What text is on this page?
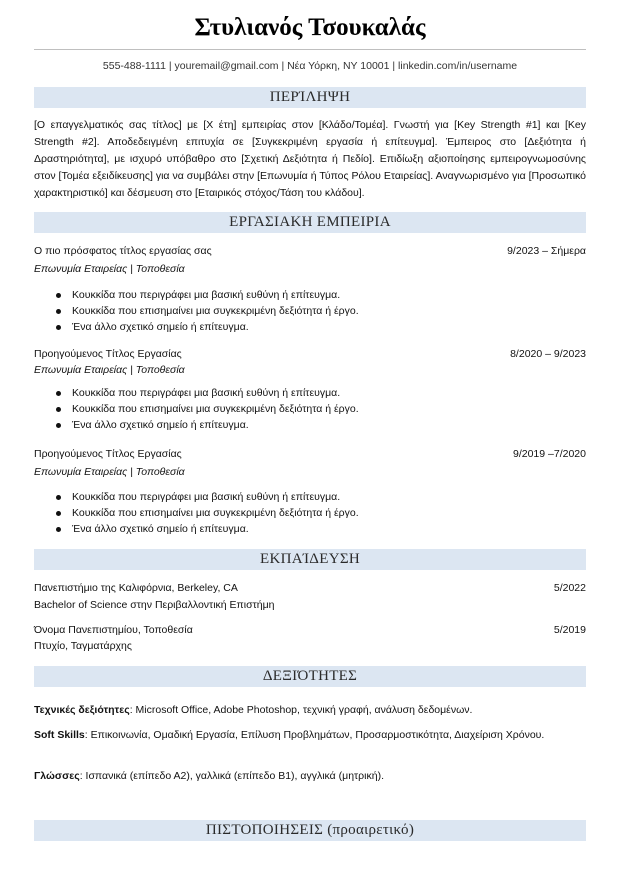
Στυλιανός Τσουκαλάς
555-488-1111 | youremail@gmail.com | Νέα Υόρκη, NY 10001 | linkedin.com/in/username
ΠΕΡΊΛΗΨΗ
[Ο επαγγελματικός σας τίτλος] με [Χ έτη] εμπειρίας στον [Κλάδο/Τομέα]. Γνωστή για [Key Strength #1] και [Key Strength #2]. Αποδεδειγμένη επιτυχία σε [Συγκεκριμένη εργασία ή επίτευγμα]. Έμπειρος στο [Δεξιότητα ή Δραστηριότητα], με ισχυρό υπόβαθρο στο [Σχετική Δεξιότητα ή Πεδίο]. Επιδίωξη αξιοποίησης εμπειρογνωμοσύνης στον [Τομέα εξειδίκευσης] για να συμβάλει στην [Επωνυμία ή Τύπος Ρόλου Εταιρείας]. Αναγνωρισμένο για [Προσωπικό χαρακτηριστικό] και δέσμευση στο [Εταιρικός στόχος/Τάση του κλάδου].
ΕΡΓΑΣΙΑΚΗ ΕΜΠΕΙΡΙΑ
Ο πιο πρόσφατος τίτλος εργασίας σας	9/2023 – Σήμερα
Επωνυμία Εταιρείας | Τοποθεσία
Κουκκίδα που περιγράφει μια βασική ευθύνη ή επίτευγμα.
Κουκκίδα που επισημαίνει μια συγκεκριμένη δεξιότητα ή έργο.
Ένα άλλο σχετικό σημείο ή επίτευγμα.
Προηγούμενος Τίτλος Εργασίας	8/2020 – 9/2023
Επωνυμία Εταιρείας | Τοποθεσία
Κουκκίδα που περιγράφει μια βασική ευθύνη ή επίτευγμα.
Κουκκίδα που επισημαίνει μια συγκεκριμένη δεξιότητα ή έργο.
Ένα άλλο σχετικό σημείο ή επίτευγμα.
Προηγούμενος Τίτλος Εργασίας	9/2019 –7/2020
Επωνυμία Εταιρείας | Τοποθεσία
Κουκκίδα που περιγράφει μια βασική ευθύνη ή επίτευγμα.
Κουκκίδα που επισημαίνει μια συγκεκριμένη δεξιότητα ή έργο.
Ένα άλλο σχετικό σημείο ή επίτευγμα.
ΕΚΠΑΊΔΕΥΣΗ
Πανεπιστήμιο της Καλιφόρνια, Berkeley, CA	5/2022
Bachelor of Science στην Περιβαλλοντική Επιστήμη
Όνομα Πανεπιστημίου, Τοποθεσία	5/2019
Πτυχίο, Ταγματάρχης
ΔΕΞΙΌΤΗΤΕΣ
Τεχνικές δεξιότητες: Microsoft Office, Adobe Photoshop, τεχνική γραφή, ανάλυση δεδομένων.
Soft Skills: Επικοινωνία, Ομαδική Εργασία, Επίλυση Προβλημάτων, Προσαρμοστικότητα, Διαχείριση Χρόνου.
Γλώσσες: Ισπανικά (επίπεδο Α2), γαλλικά (επίπεδο Β1), αγγλικά (μητρική).
ΠΙΣΤΟΠΟΙΗΣΕΙΣ (προαιρετικό)
